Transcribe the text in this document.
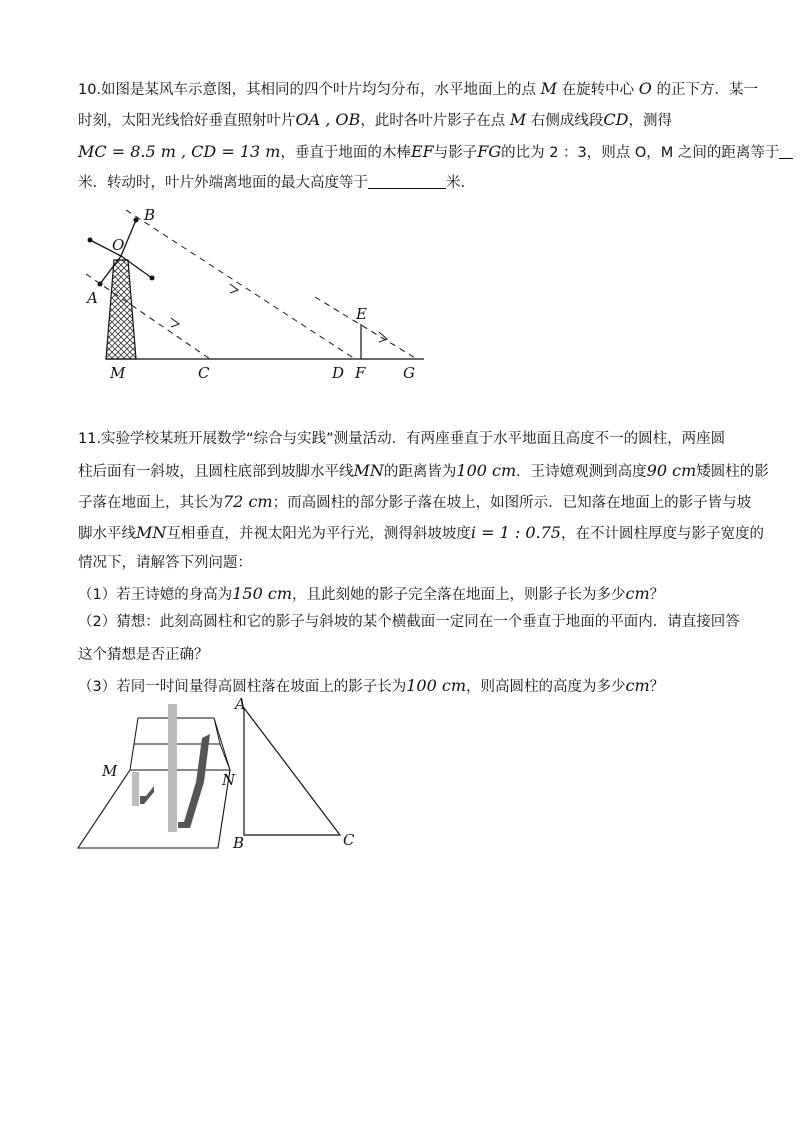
10.如图是某风车示意图，其相同的四个叶片均匀分布，水平地面上的点 M 在旋转中心 O 的正下方．某一
时刻，太阳光线恰好垂直照射叶片OA , OB，此时各叶片影子在点 M 右侧成线段CD，测得
MC = 8.5 m , CD = 13 m，垂直于地面的木棒EF与影子FG的比为 2 ：3，则点 O，M 之间的距离等于
米．转动时，叶片外端离地面的最大高度等于	米．
B
O
A
E
M	C	D F	G
11.实验学校某班开展数学“综合与实践”测量活动．有两座垂直于水平地面且高度不一的圆柱，两座圆
柱后面有一斜坡，且圆柱底部到坡脚水平线MN的距离皆为100 cm．王诗嬑观测到高度90 cm矮圆柱的影
子落在地面上，其长为72 cm；而高圆柱的部分影子落在坡上，如图所示．已知落在地面上的影子皆与坡
脚水平线MN互相垂直，并视太阳光为平行光，测得斜坡坡度i = 1 : 0.75，在不计圆柱厚度与影子宽度的
情况下，请解答下列问题：
（1）若王诗嬑的身高为150 cm，且此刻她的影子完全落在地面上，则影子长为多少cm？
（2）猜想：此刻高圆柱和它的影子与斜坡的某个横截面一定同在一个垂直于地面的平面内．请直接回答
这个猜想是否正确？
（3）若同一时间量得高圆柱落在坡面上的影子长为100 cm，则高圆柱的高度为多少cm？
M	N
A
B	C
